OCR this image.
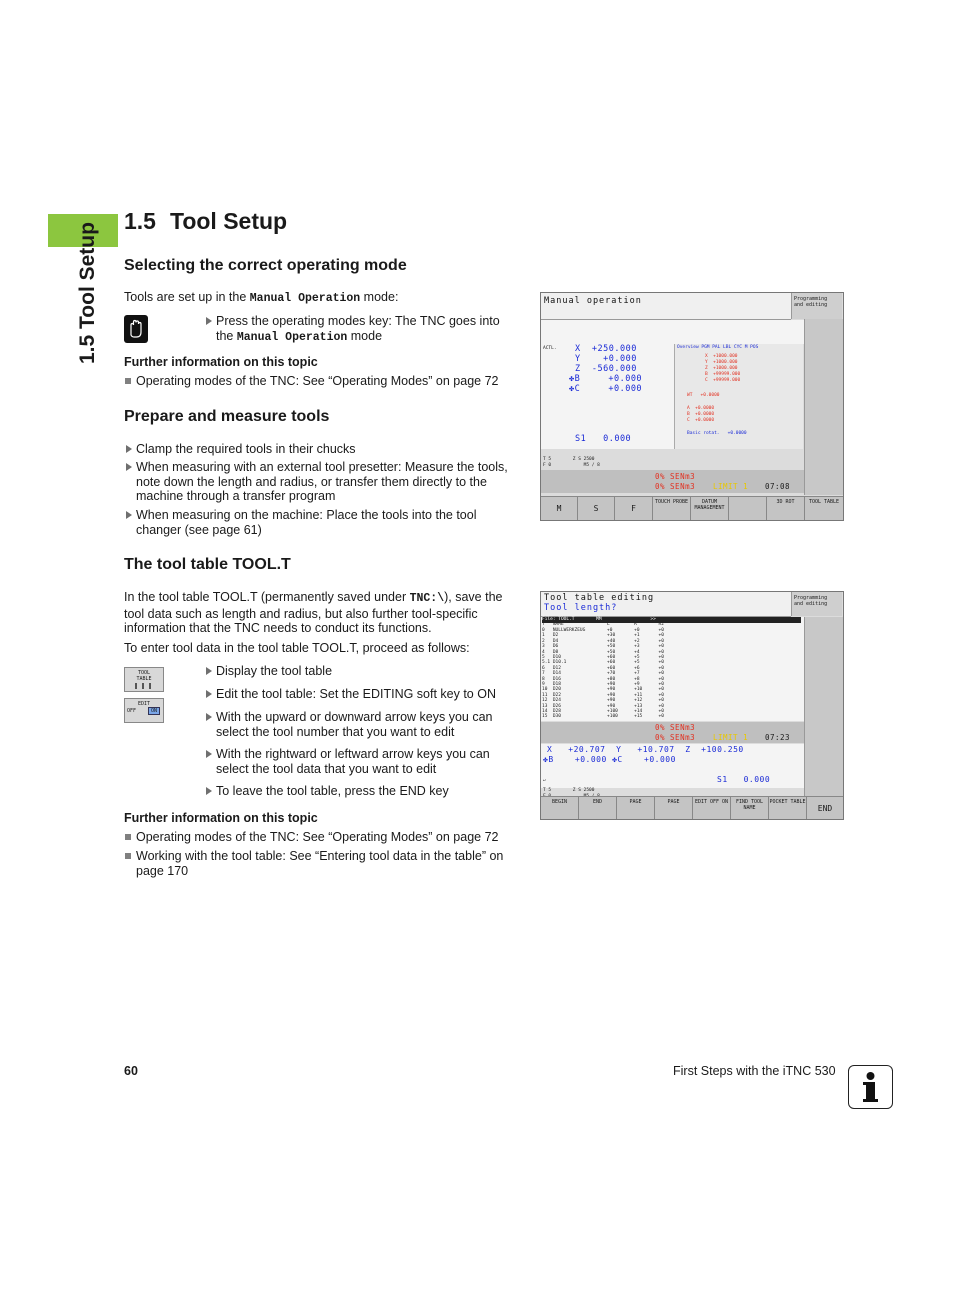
1.5 Tool Setup
1.5 Tool Setup
Selecting the correct operating mode

Tools are set up in the Manual Operation mode:

Press the operating modes key: The TNC goes into
the Manual Operation mode
Further information on this topic
Operating modes of the TNC: See “Operating Modes” on page 72
Prepare and measure tools
Clamp the required tools in their chucks
When measuring with an external tool presetter: Measure the tools,
note down the length and radius, or transfer them directly to the
machine through a transfer program
When measuring on the machine: Place the tools into the tool
changer (see page 61)
The tool table TOOL.T

In the tool table TOOL.T (permanently saved under TNC:\), save the
tool data such as length and radius, but also further tool-specific
information that the TNC needs to conduct its functions.

To enter tool data in the tool table TOOL.T, proceed as follows:

TOOL
TABLE
EDIT
OFF	ON
Display the tool table
Edit the tool table: Set the EDITING soft key to ON
With the upward or downward arrow keys you can
select the tool number that you want to edit
With the rightward or leftward arrow keys you can
select the tool data that you want to edit
To leave the tool table, press the END key
Further information on this topic
Operating modes of the TNC: See “Operating Modes” on page 72
Working with the tool table: See “Entering tool data in the table” on
page 170
Manual operation	Programming
and editing
ACTL. X +250.000
Y	+0.000
Z -560.000
✤B	+0.000
✤C	+0.000
S1   0.000
Overview PGM PAL LBL CYC M POS
X  +1000.000
Y  +1000.000
Z  +1000.000
B  +99999.000
C  +99999.000
WT   +0.0000
A  +0.0000
B  +0.0000
C  +0.0000
Basic rotat.   +0.0000
T 5        Z S 2500
F 0            M5 / 8
0% SENm3
0% SENm3 LIMIT 1 07:08
M	S	F
TOUCH PROBE	DATUM MANAGEMENT
3D ROT	TOOL TABLE
Tool table editing
Tool length?
Programming
and editing
File: TOOL.T        MM                  >>
T   NAME                L         R        R2
0   NULLWERKZEUG        +0        +0       +0
1   D2                  +30       +1       +0
2   D4                  +40       +2       +0
3   D6                  +50       +3       +0
4   D8                  +50       +4       +0
5   D10                 +60       +5       +0
5.1 D10.1               +60       +5       +0
6   D12                 +60       +6       +0
7   D14                 +70       +7       +0
8   D16                 +80       +8       +0
9   D18                 +90       +9       +0
10  D20                 +90       +10      +0
11  D22                 +90       +11      +0
12  D24                 +90       +12      +0
13  D26                 +90       +13      +0
14  D28                 +100      +14      +0
15  D30                 +100      +15      +0
0% SENm3
0% SENm3 LIMIT 1 07:23
X   +20.707  Y   +10.707  Z  +100.250
✤B    +0.000 ✤C    +0.000
S1   0.000
↵
T 5        Z S 2500

BEGIN	END	PAGE	PAGE	EDIT OFF ON	FIND TOOL NAME
POCKET TABLE
END
60	First Steps with the iTNC 530
